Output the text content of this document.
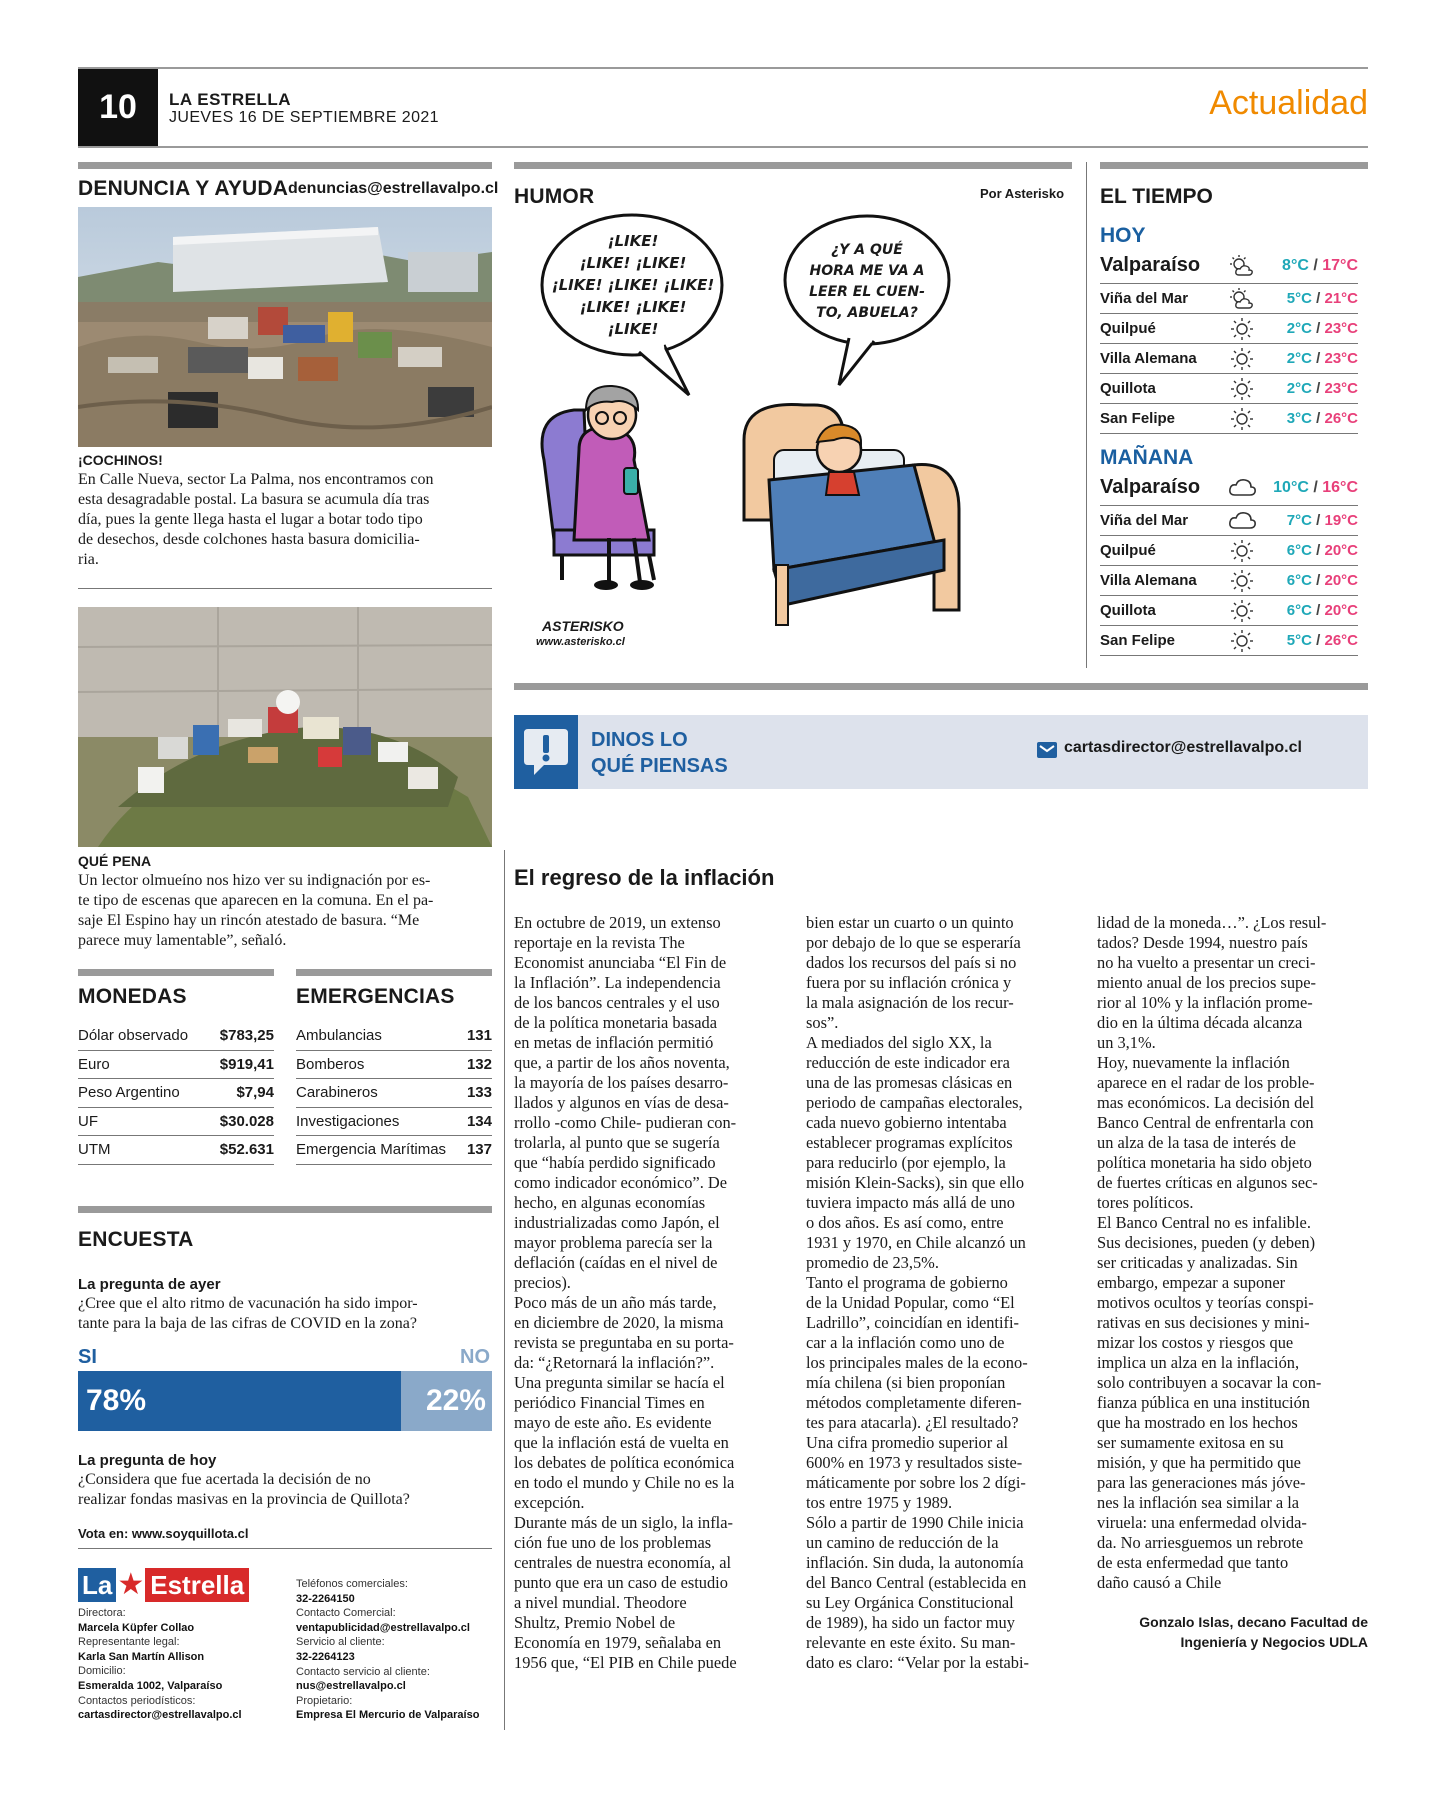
10	LA ESTRELLA
JUEVES 16 DE SEPTIEMBRE 2021	Actualidad
DENUNCIA Y AYUDA denuncias@estrellavalpo.cl
¡COCHINOS!
En Calle Nueva, sector La Palma, nos encontramos con
esta desagradable postal. La basura se acumula día tras
día, pues la gente llega hasta el lugar a botar todo tipo
de desechos, desde colchones hasta basura domicilia-
ria.
QUÉ PENA
Un lector olmueíno nos hizo ver su indignación por es-
te tipo de escenas que aparecen en la comuna. En el pa-
saje El Espino hay un rincón atestado de basura. “Me
parece muy lamentable”, señaló.
MONEDAS	EMERGENCIAS
Dólar observado $783,25
Euro	$919,41
Peso Argentino	$7,94
UF	$30.028
UTM	$52.631
Ambulancias	131
Bomberos	132
Carabineros	133
Investigaciones	134
Emergencia Marítimas 137
ENCUESTA
La pregunta de ayer
¿Cree que el alto ritmo de vacunación ha sido impor-
tante para la baja de las cifras de COVID en la zona?
SI	NO
78%	22%
La pregunta de hoy
¿Considera que fue acertada la decisión de no
realizar fondas masivas en la provincia de Quillota?
Vota en: www.soyquillota.cl
La ★ Estrella
Directora:
Marcela Küpfer Collao
Representante legal:
Karla San Martín Allison
Domicilio:
Esmeralda 1002, Valparaíso
Contactos periodísticos:
cartasdirector@estrellavalpo.cl
Teléfonos comerciales:
32-2264150
Contacto Comercial:
ventapublicidad@estrellavalpo.cl
Servicio al cliente:
32-2264123
Contacto servicio al cliente:
nus@estrellavalpo.cl
Propietario:
Empresa El Mercurio de Valparaíso
HUMOR	Por Asterisko
¡LIKE!
¡LIKE! ¡LIKE!
¡LIKE! ¡LIKE! ¡LIKE!
¡LIKE! ¡LIKE!
¡LIKE!
¿Y A QUÉ
HORA ME VA A
LEER EL CUEN-
TO, ABUELA?
ASTERISKO
www.asterisko.cl
EL TIEMPO
HOY
Valparaíso	8°C / 17°C
Viña del Mar	5°C / 21°C
Quilpué	2°C / 23°C
Villa Alemana	2°C / 23°C
Quillota	2°C / 23°C
San Felipe	3°C / 26°C
MAÑANA
Valparaíso	10°C / 16°C
Viña del Mar	7°C / 19°C
Quilpué	6°C / 20°C
Villa Alemana	6°C / 20°C
Quillota	6°C / 20°C
San Felipe	5°C / 26°C
DINOS LO
QUÉ PIENSAS
cartasdirector@estrellavalpo.cl
El regreso de la inflación
En octubre de 2019, un extenso
reportaje en la revista The
Economist anunciaba “El Fin de
la Inflación”. La independencia
de los bancos centrales y el uso
de la política monetaria basada
en metas de inflación permitió
que, a partir de los años noventa,
la mayoría de los países desarro-
llados y algunos en vías de desa-
rrollo -como Chile- pudieran con-
trolarla, al punto que se sugería
que “había perdido significado
como indicador económico”. De
hecho, en algunas economías
industrializadas como Japón, el
mayor problema parecía ser la
deflación (caídas en el nivel de
precios).
Poco más de un año más tarde,
en diciembre de 2020, la misma
revista se preguntaba en su porta-
da: “¿Retornará la inflación?”.
Una pregunta similar se hacía el
periódico Financial Times en
mayo de este año. Es evidente
que la inflación está de vuelta en
los debates de política económica
en todo el mundo y Chile no es la
excepción.
Durante más de un siglo, la infla-
ción fue uno de los problemas
centrales de nuestra economía, al
punto que era un caso de estudio
a nivel mundial. Theodore
Shultz, Premio Nobel de
Economía en 1979, señalaba en
1956 que, “El PIB en Chile puede
bien estar un cuarto o un quinto
por debajo de lo que se esperaría
dados los recursos del país si no
fuera por su inflación crónica y
la mala asignación de los recur-
sos”.
A mediados del siglo XX, la
reducción de este indicador era
una de las promesas clásicas en
periodo de campañas electorales,
cada nuevo gobierno intentaba
establecer programas explícitos
para reducirlo (por ejemplo, la
misión Klein-Sacks), sin que ello
tuviera impacto más allá de uno
o dos años. Es así como, entre
1931 y 1970, en Chile alcanzó un
promedio de 23,5%.
Tanto el programa de gobierno
de la Unidad Popular, como “El
Ladrillo”, coincidían en identifi-
car a la inflación como uno de
los principales males de la econo-
mía chilena (si bien proponían
métodos completamente diferen-
tes para atacarla). ¿El resultado?
Una cifra promedio superior al
600% en 1973 y resultados siste-
máticamente por sobre los 2 dígi-
tos entre 1975 y 1989.
Sólo a partir de 1990 Chile inicia
un camino de reducción de la
inflación. Sin duda, la autonomía
del Banco Central (establecida en
su Ley Orgánica Constitucional
de 1989), ha sido un factor muy
relevante en este éxito. Su man-
dato es claro: “Velar por la estabi-
lidad de la moneda…”. ¿Los resul-
tados? Desde 1994, nuestro país
no ha vuelto a presentar un creci-
miento anual de los precios supe-
rior al 10% y la inflación prome-
dio en la última década alcanza
un 3,1%.
Hoy, nuevamente la inflación
aparece en el radar de los proble-
mas económicos. La decisión del
Banco Central de enfrentarla con
un alza de la tasa de interés de
política monetaria ha sido objeto
de fuertes críticas en algunos sec-
tores políticos.
El Banco Central no es infalible.
Sus decisiones, pueden (y deben)
ser criticadas y analizadas. Sin
embargo, empezar a suponer
motivos ocultos y teorías conspi-
rativas en sus decisiones y mini-
mizar los costos y riesgos que
implica un alza en la inflación,
solo contribuyen a socavar la con-
fianza pública en una institución
que ha mostrado en los hechos
ser sumamente exitosa en su
misión, y que ha permitido que
para las generaciones más jóve-
nes la inflación sea similar a la
viruela: una enfermedad olvida-
da. No arriesguemos un rebrote
de esta enfermedad que tanto
daño causó a Chile
Gonzalo Islas, decano Facultad de
Ingeniería y Negocios UDLA
